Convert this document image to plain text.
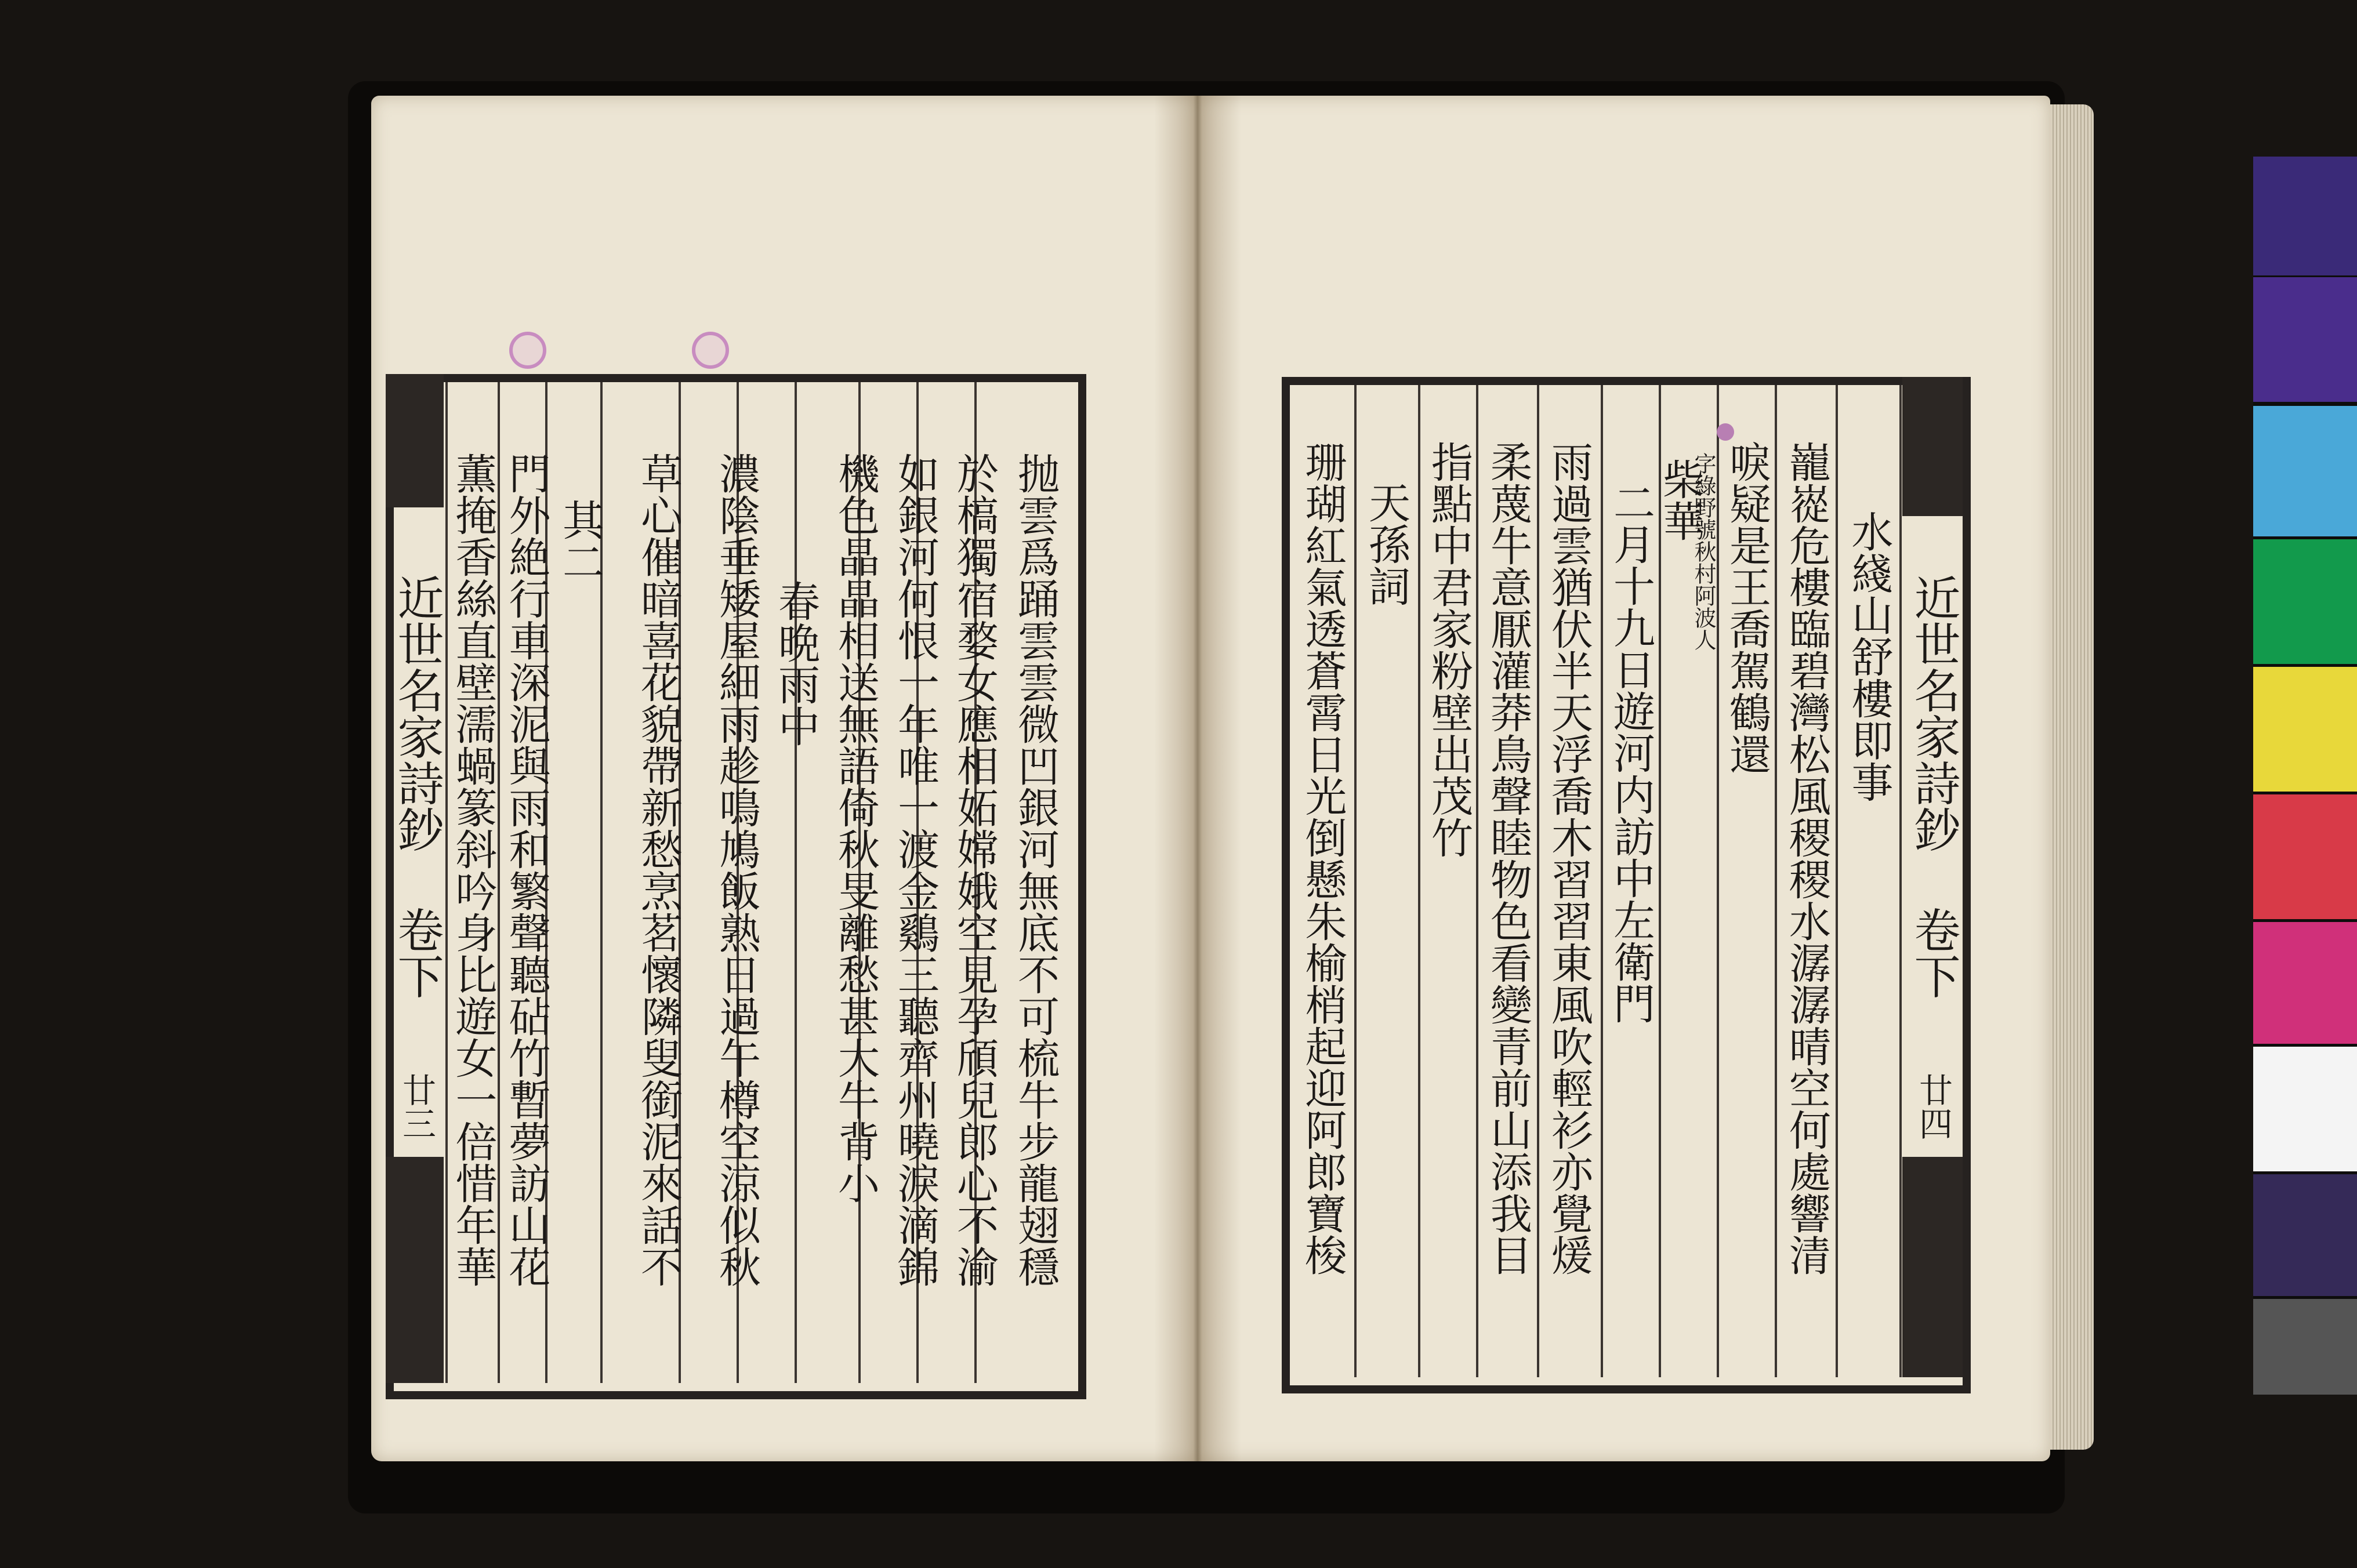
近世名家詩鈔 卷下
廿三	抛雲爲踊雲雲微凹銀河無底不可梳牛步龍翅穩
於槁獨宿婺女應相妬嫦娥空見孕頎兒郎心不渝
如銀河何恨一年唯一渡金鷄三聽齊州曉淚滴錦
機色晶晶相送無語倚秋旻離愁甚大牛背小
春晩雨中
濃陰垂矮屋細雨趁鳴鳩飯熟日過午樽空涼似秋
草心催暗喜花貌帶新愁烹茗懷隣叟銜泥來話不
其二
門外絶行車深泥與雨和繁聲聽砧竹暫夢訪山花
薫掩香絲直壁濡蝸篆斜吟身比遊女一倍惜年華	近世名家詩鈔 卷下
廿四
水綫山舒樓即事
巃嵸危樓臨碧灣松風稷稷水潺潺晴空何處響清
唳疑是王喬駕鶴還
柴華
字綠野號秋村阿波人
二月十九日遊河内訪中左衛門
雨過雲猶伏半天浮喬木習習東風吹輕衫亦覺煖
柔蔑牛意厭灌莽鳥聲睦物色看變青前山添我目
指點中君家粉壁出茂竹
天孫詞
珊瑚紅氣透蒼霄日光倒懸朱榆梢起迎阿郎寶梭
